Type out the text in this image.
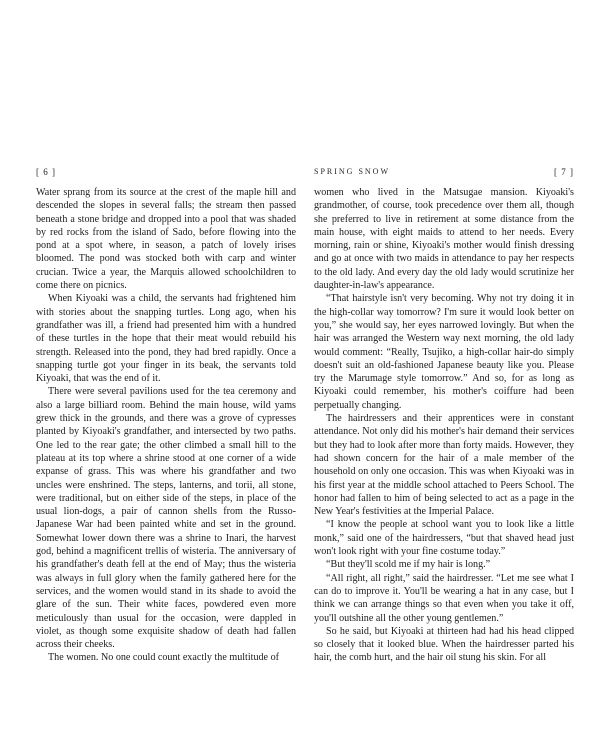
[ 6 ]

Water sprang from its source at the crest of the maple hill and descended the slopes in several falls; the stream then passed beneath a stone bridge and dropped into a pool that was shaded by red rocks from the island of Sado, before flowing into the pond at a spot where, in season, a patch of lovely irises bloomed. The pond was stocked both with carp and winter crucian. Twice a year, the Marquis allowed schoolchildren to come there on picnics.

When Kiyoaki was a child, the servants had frightened him with stories about the snapping turtles. Long ago, when his grandfather was ill, a friend had presented him with a hundred of these turtles in the hope that their meat would rebuild his strength. Released into the pond, they had bred rapidly. Once a snapping turtle got your finger in its beak, the servants told Kiyoaki, that was the end of it.

There were several pavilions used for the tea ceremony and also a large billiard room. Behind the main house, wild yams grew thick in the grounds, and there was a grove of cypresses planted by Kiyoaki's grandfather, and intersected by two paths. One led to the rear gate; the other climbed a small hill to the plateau at its top where a shrine stood at one corner of a wide expanse of grass. This was where his grandfather and two uncles were enshrined. The steps, lanterns, and torii, all stone, were traditional, but on either side of the steps, in place of the usual lion-dogs, a pair of cannon shells from the Russo-Japanese War had been painted white and set in the ground. Somewhat lower down there was a shrine to Inari, the harvest god, behind a magnificent trellis of wisteria. The anniversary of his grandfather's death fell at the end of May; thus the wisteria was always in full glory when the family gathered here for the services, and the women would stand in its shade to avoid the glare of the sun. Their white faces, powdered even more meticulously than usual for the occasion, were dappled in violet, as though some exquisite shadow of death had fallen across their cheeks.

The women. No one could count exactly the multitude of

SPRING SNOW	[ 7 ]

women who lived in the Matsugae mansion. Kiyoaki's grandmother, of course, took precedence over them all, though she preferred to live in retirement at some distance from the main house, with eight maids to attend to her needs. Every morning, rain or shine, Kiyoaki's mother would finish dressing and go at once with two maids in attendance to pay her respects to the old lady. And every day the old lady would scrutinize her daughter-in-law's appearance.

“That hairstyle isn't very becoming. Why not try doing it in the high-collar way tomorrow? I'm sure it would look better on you,” she would say, her eyes narrowed lovingly. But when the hair was arranged the Western way next morning, the old lady would comment: “Really, Tsujiko, a high-collar hair-do simply doesn't suit an old-fashioned Japanese beauty like you. Please try the Marumage style tomorrow.” And so, for as long as Kiyoaki could remember, his mother's coiffure had been perpetually changing.

The hairdressers and their apprentices were in constant attendance. Not only did his mother's hair demand their services but they had to look after more than forty maids. However, they had shown concern for the hair of a male member of the household on only one occasion. This was when Kiyoaki was in his first year at the middle school attached to Peers School. The honor had fallen to him of being selected to act as a page in the New Year's festivities at the Imperial Palace.

“I know the people at school want you to look like a little monk,” said one of the hairdressers, “but that shaved head just won't look right with your fine costume today.”

“But they'll scold me if my hair is long.”

“All right, all right,” said the hairdresser. “Let me see what I can do to improve it. You'll be wearing a hat in any case, but I think we can arrange things so that even when you take it off, you'll outshine all the other young gentlemen.”

So he said, but Kiyoaki at thirteen had had his head clipped so closely that it looked blue. When the hairdresser parted his hair, the comb hurt, and the hair oil stung his skin. For all
